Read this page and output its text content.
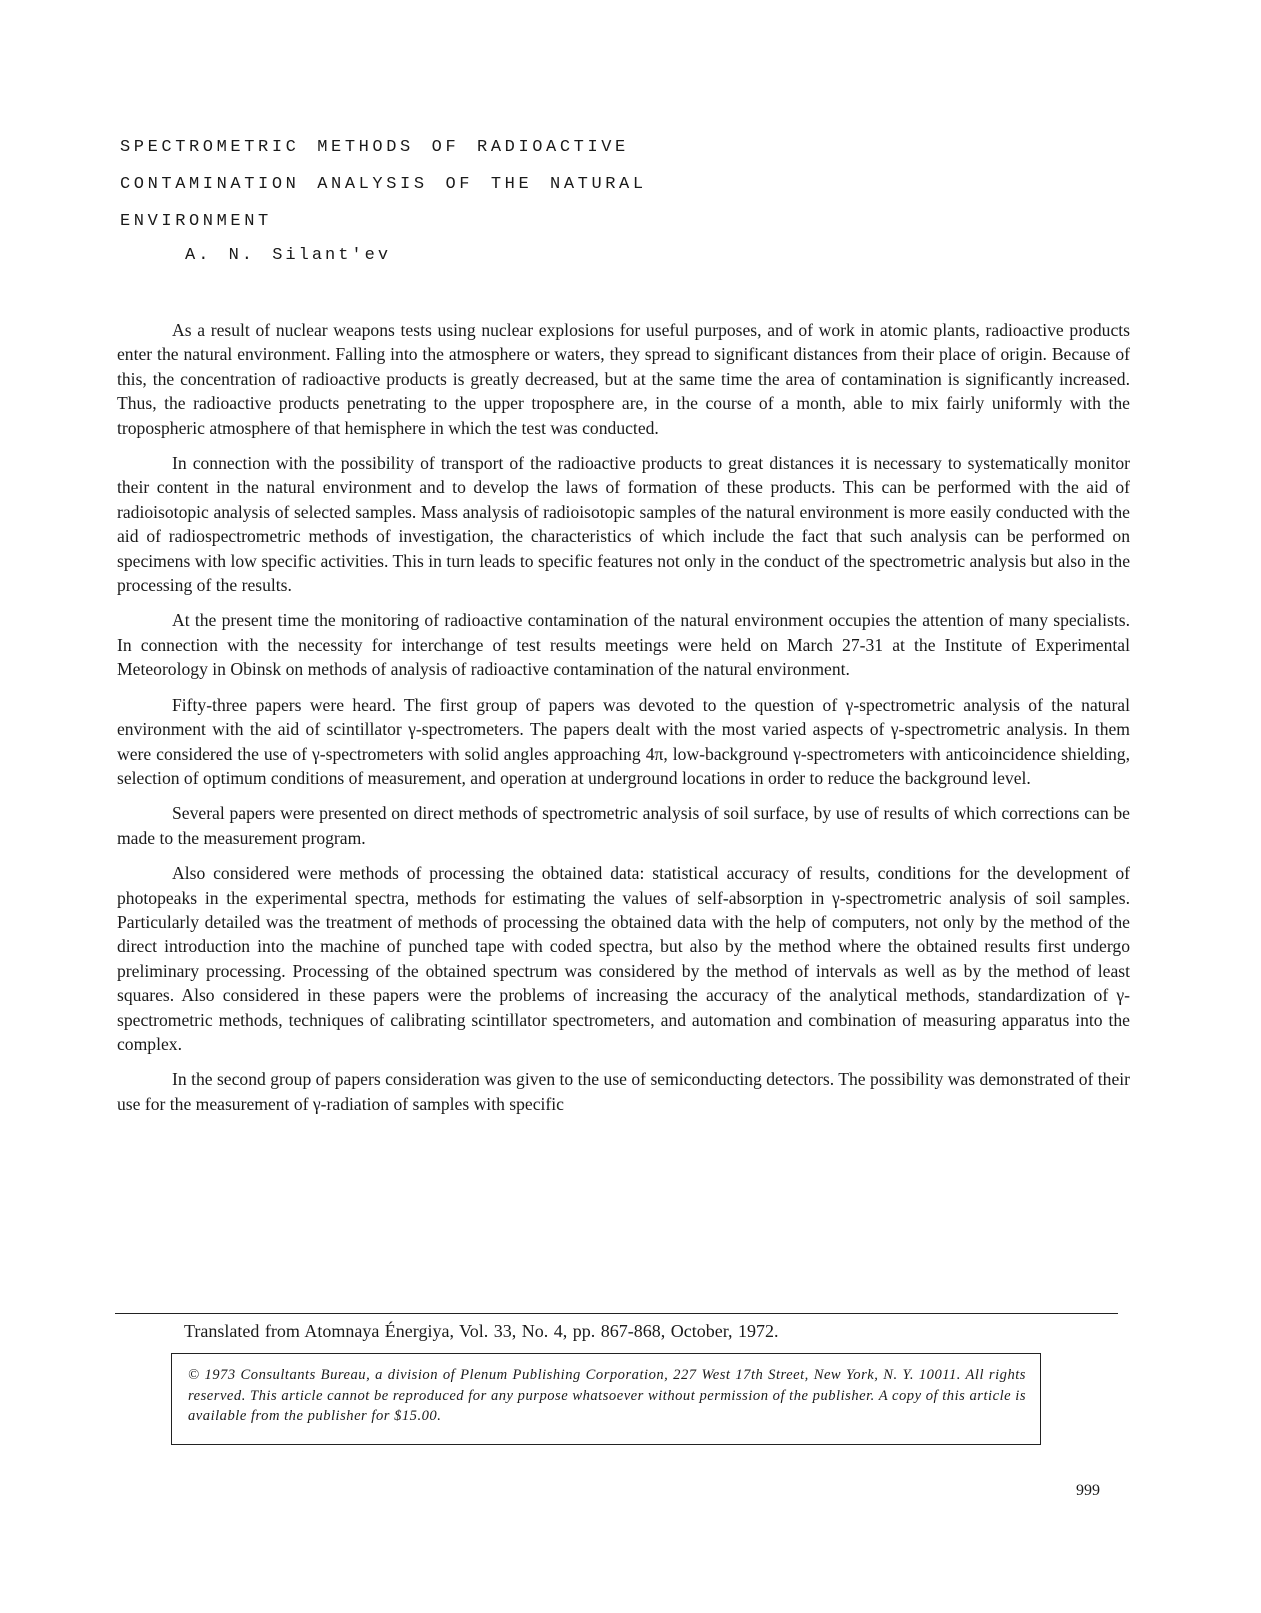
SPECTROMETRIC METHODS OF RADIOACTIVE
CONTAMINATION ANALYSIS OF THE NATURAL
ENVIRONMENT
A. N. Silant'ev

As a result of nuclear weapons tests using nuclear explosions for useful purposes, and of work in atomic plants, radioactive products enter the natural environment. Falling into the atmosphere or waters, they spread to significant distances from their place of origin. Because of this, the concentration of radioactive products is greatly decreased, but at the same time the area of contamination is significantly increased. Thus, the radioactive products penetrating to the upper troposphere are, in the course of a month, able to mix fairly uniformly with the tropospheric atmosphere of that hemisphere in which the test was conducted.

In connection with the possibility of transport of the radioactive products to great distances it is necessary to systematically monitor their content in the natural environment and to develop the laws of formation of these products. This can be performed with the aid of radioisotopic analysis of selected samples. Mass analysis of radioisotopic samples of the natural environment is more easily conducted with the aid of radiospectrometric methods of investigation, the characteristics of which include the fact that such analysis can be performed on specimens with low specific activities. This in turn leads to specific features not only in the conduct of the spectrometric analysis but also in the processing of the results.

At the present time the monitoring of radioactive contamination of the natural environment occupies the attention of many specialists. In connection with the necessity for interchange of test results meetings were held on March 27-31 at the Institute of Experimental Meteorology in Obinsk on methods of analysis of radioactive contamination of the natural environment.

Fifty-three papers were heard. The first group of papers was devoted to the question of γ-spectrometric analysis of the natural environment with the aid of scintillator γ-spectrometers. The papers dealt with the most varied aspects of γ-spectrometric analysis. In them were considered the use of γ-spectrometers with solid angles approaching 4π, low-background γ-spectrometers with anticoincidence shielding, selection of optimum conditions of measurement, and operation at underground locations in order to reduce the background level.

Several papers were presented on direct methods of spectrometric analysis of soil surface, by use of results of which corrections can be made to the measurement program.

Also considered were methods of processing the obtained data: statistical accuracy of results, conditions for the development of photopeaks in the experimental spectra, methods for estimating the values of self-absorption in γ-spectrometric analysis of soil samples. Particularly detailed was the treatment of methods of processing the obtained data with the help of computers, not only by the method of the direct introduction into the machine of punched tape with coded spectra, but also by the method where the obtained results first undergo preliminary processing. Processing of the obtained spectrum was considered by the method of intervals as well as by the method of least squares. Also considered in these papers were the problems of increasing the accuracy of the analytical methods, standardization of γ-spectrometric methods, techniques of calibrating scintillator spectrometers, and automation and combination of measuring apparatus into the complex.

In the second group of papers consideration was given to the use of semiconducting detectors. The possibility was demonstrated of their use for the measurement of γ-radiation of samples with specific

Translated from Atomnaya Énergiya, Vol. 33, No. 4, pp. 867-868, October, 1972.

© 1973 Consultants Bureau, a division of Plenum Publishing Corporation, 227 West 17th Street, New York, N. Y. 10011. All rights reserved. This article cannot be reproduced for any purpose whatsoever without permission of the publisher. A copy of this article is available from the publisher for $15.00.

999
